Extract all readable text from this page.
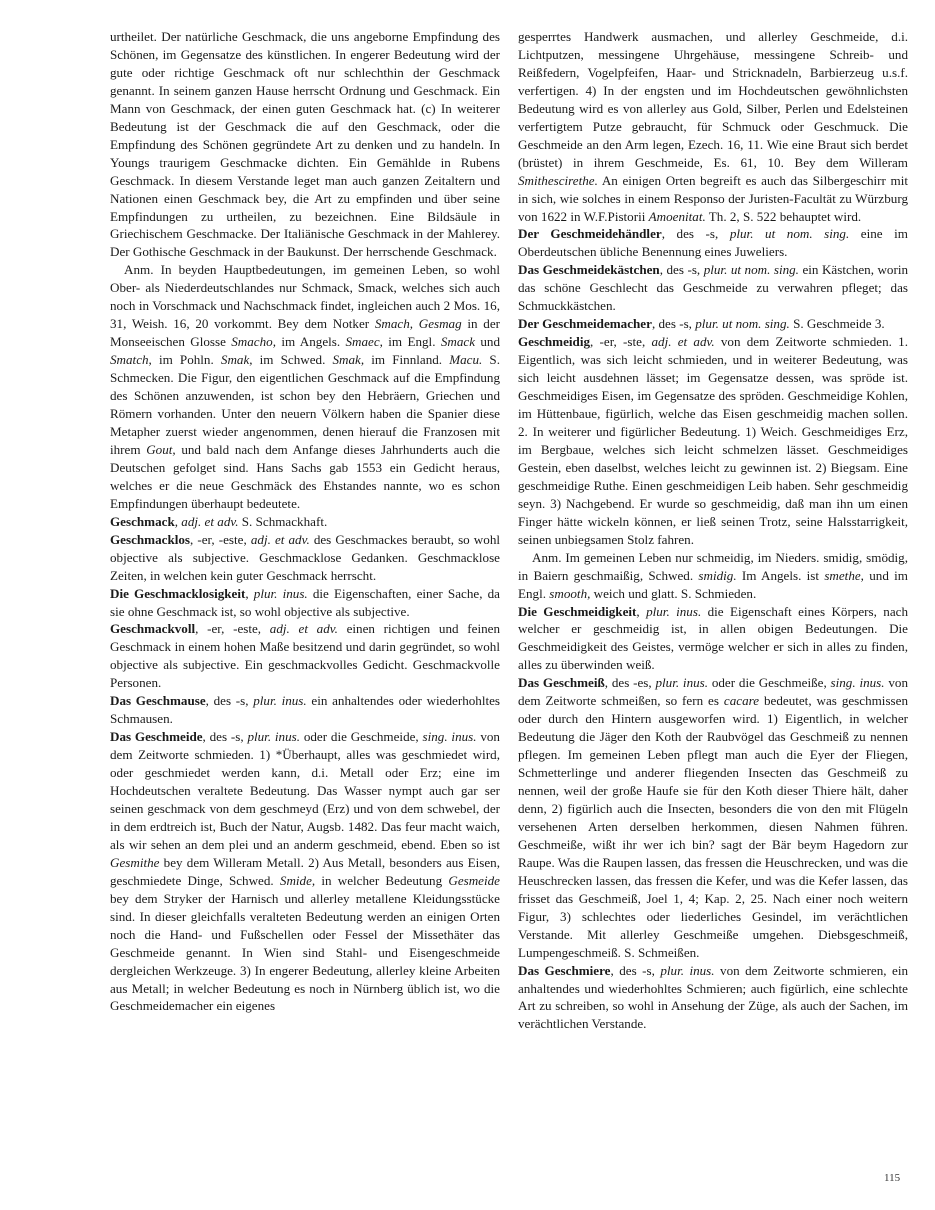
urtheilet. Der natürliche Geschmack, die uns angeborne Empfindung des Schönen, im Gegensatze des künstlichen. In engerer Bedeutung wird der gute oder richtige Geschmack oft nur schlechthin der Geschmack genannt. In seinem ganzen Hause herrscht Ordnung und Geschmack. Ein Mann von Geschmack, der einen guten Geschmack hat. (c) In weiterer Bedeutung ist der Geschmack die auf den Geschmack, oder die Empfindung des Schönen gegründete Art zu denken und zu handeln. In Youngs traurigem Geschmacke dichten. Ein Gemählde in Rubens Geschmack. In diesem Verstande leget man auch ganzen Zeitaltern und Nationen einen Geschmack bey, die Art zu empfinden und über seine Empfindungen zu urtheilen, zu bezeichnen. Eine Bildsäule in Griechischem Geschmacke. Der Italiänische Geschmack in der Mahlerey. Der Gothische Geschmack in der Baukunst. Der herrschende Geschmack.

Anm. In beyden Hauptbedeutungen, im gemeinen Leben, so wohl Ober- als Niederdeutschlandes nur Schmack, Smack, welches sich auch noch in Vorschmack und Nachschmack findet, ingleichen auch 2 Mos. 16, 31, Weish. 16, 20 vorkommt. Bey dem Notker Smach, Gesmag in der Monseeischen Glosse Smacho, im Angels. Smaec, im Engl. Smack und Smatch, im Pohln. Smak, im Schwed. Smak, im Finnland. Macu. S. Schmecken. Die Figur, den eigentlichen Geschmack auf die Empfindung des Schönen anzuwenden, ist schon bey den Hebräern, Griechen und Römern vorhanden. Unter den neuern Völkern haben die Spanier diese Metapher zuerst wieder angenommen, denen hierauf die Franzosen mit ihrem Gout, und bald nach dem Anfange dieses Jahrhunderts auch die Deutschen gefolget sind. Hans Sachs gab 1553 ein Gedicht heraus, welches er die neue Geschmäck des Ehstandes nannte, wo es schon Empfindungen überhaupt bedeutete.

Geschmack, adj. et adv. S. Schmackhaft.

Geschmacklos, -er, -este, adj. et adv. des Geschmackes beraubt, so wohl objective als subjective. Geschmacklose Gedanken. Geschmacklose Zeiten, in welchen kein guter Geschmack herrscht.

Die Geschmacklosigkeit, plur. inus. die Eigenschaften, einer Sache, da sie ohne Geschmack ist, so wohl objective als subjective.

Geschmackvoll, -er, -este, adj. et adv. einen richtigen und feinen Geschmack in einem hohen Maße besitzend und darin gegründet, so wohl objective als subjective. Ein geschmackvolles Gedicht. Geschmackvolle Personen.

Das Geschmause, des -s, plur. inus. ein anhaltendes oder wiederhohltes Schmausen.

Das Geschmeide, des -s, plur. inus. oder die Geschmeide, sing. inus. von dem Zeitworte schmieden. 1) *Überhaupt, alles was geschmiedet wird, oder geschmiedet werden kann, d.i. Metall oder Erz; eine im Hochdeutschen veraltete Bedeutung. Das Wasser nympt auch gar ser seinen geschmack von dem geschmeyd (Erz) und von dem schwebel, der in dem erdtreich ist, Buch der Natur, Augsb. 1482. Das feur macht waich, als wir sehen an dem plei und an anderm geschmeid, ebend. Eben so ist Gesmithe bey dem Willeram Metall. 2) Aus Metall, besonders aus Eisen, geschmiedete Dinge, Schwed. Smide, in welcher Bedeutung Gesmeide bey dem Stryker der Harnisch und allerley metallene Kleidungsstücke sind. In dieser gleichfalls veralteten Bedeutung werden an einigen Orten noch die Hand- und Fußschellen oder Fessel der Missethäter das Geschmeide genannt. In Wien sind Stahl- und Eisengeschmeide dergleichen Werkzeuge. 3) In engerer Bedeutung, allerley kleine Arbeiten aus Metall; in welcher Bedeutung es noch in Nürnberg üblich ist, wo die Geschmeidemacher ein eigenes

gesperrtes Handwerk ausmachen, und allerley Geschmeide, d.i. Lichtputzen, messingene Uhrgehäuse, messingene Schreib- und Reißfedern, Vogelpfeifen, Haar- und Stricknadeln, Barbierzeug u.s.f. verfertigen. 4) In der engsten und im Hochdeutschen gewöhnlichsten Bedeutung wird es von allerley aus Gold, Silber, Perlen und Edelsteinen verfertigtem Putze gebraucht, für Schmuck oder Geschmuck. Die Geschmeide an den Arm legen, Ezech. 16, 11. Wie eine Braut sich berdet (brüstet) in ihrem Geschmeide, Es. 61, 10. Bey dem Willeram Smithescirethe. An einigen Orten begreift es auch das Silbergeschirr mit in sich, wie solches in einem Responso der Juristen-Facultät zu Würzburg von 1622 in W.F.Pistorii Amoenitat. Th. 2, S. 522 behauptet wird.

Der Geschmeidehändler, des -s, plur. ut nom. sing. eine im Oberdeutschen übliche Benennung eines Juweliers.

Das Geschmeidekästchen, des -s, plur. ut nom. sing. ein Kästchen, worin das schöne Geschlecht das Geschmeide zu verwahren pfleget; das Schmuckkästchen.

Der Geschmeidemacher, des -s, plur. ut nom. sing. S. Geschmeide 3.

Geschmeidig, -er, -ste, adj. et adv. von dem Zeitworte schmieden. 1. Eigentlich, was sich leicht schmieden, und in weiterer Bedeutung, was sich leicht ausdehnen lässet; im Gegensatze dessen, was spröde ist. Geschmeidiges Eisen, im Gegensatze des spröden. Geschmeidige Kohlen, im Hüttenbaue, figürlich, welche das Eisen geschmeidig machen sollen. 2. In weiterer und figürlicher Bedeutung. 1) Weich. Geschmeidiges Erz, im Bergbaue, welches sich leicht schmelzen lässet. Geschmeidiges Gestein, eben daselbst, welches leicht zu gewinnen ist. 2) Biegsam. Eine geschmeidige Ruthe. Einen geschmeidigen Leib haben. Sehr geschmeidig seyn. 3) Nachgebend. Er wurde so geschmeidig, daß man ihn um einen Finger hätte wickeln können, er ließ seinen Trotz, seine Halsstarrigkeit, seinen unbiegsamen Stolz fahren.

Anm. Im gemeinen Leben nur schmeidig, im Nieders. smidig, smödig, in Baiern geschmaißig, Schwed. smidig. Im Angels. ist smethe, und im Engl. smooth, weich und glatt. S. Schmieden.

Die Geschmeidigkeit, plur. inus. die Eigenschaft eines Körpers, nach welcher er geschmeidig ist, in allen obigen Bedeutungen. Die Geschmeidigkeit des Geistes, vermöge welcher er sich in alles zu finden, alles zu überwinden weiß.

Das Geschmeiß, des -es, plur. inus. oder die Geschmeiße, sing. inus. von dem Zeitworte schmeißen, so fern es cacare bedeutet, was geschmissen oder durch den Hintern ausgeworfen wird. 1) Eigentlich, in welcher Bedeutung die Jäger den Koth der Raubvögel das Geschmeiß zu nennen pflegen. Im gemeinen Leben pflegt man auch die Eyer der Fliegen, Schmetterlinge und anderer fliegenden Insecten das Geschmeiß zu nennen, weil der große Haufe sie für den Koth dieser Thiere hält, daher denn, 2) figürlich auch die Insecten, besonders die von den mit Flügeln versehenen Arten derselben herkommen, diesen Nahmen führen. Geschmeiße, wißt ihr wer ich bin? sagt der Bär beym Hagedorn zur Raupe. Was die Raupen lassen, das fressen die Heuschrecken, und was die Heuschrecken lassen, das fressen die Kefer, und was die Kefer lassen, das frisset das Geschmeiß, Joel 1, 4; Kap. 2, 25. Nach einer noch weitern Figur, 3) schlechtes oder liederliches Gesindel, im verächtlichen Verstande. Mit allerley Geschmeiße umgehen. Diebsgeschmeiß, Lumpengeschmeiß. S. Schmeißen.

Das Geschmiere, des -s, plur. inus. von dem Zeitworte schmieren, ein anhaltendes und wiederhohltes Schmieren; auch figürlich, eine schlechte Art zu schreiben, so wohl in Ansehung der Züge, als auch der Sachen, im verächtlichen Verstande.

115
